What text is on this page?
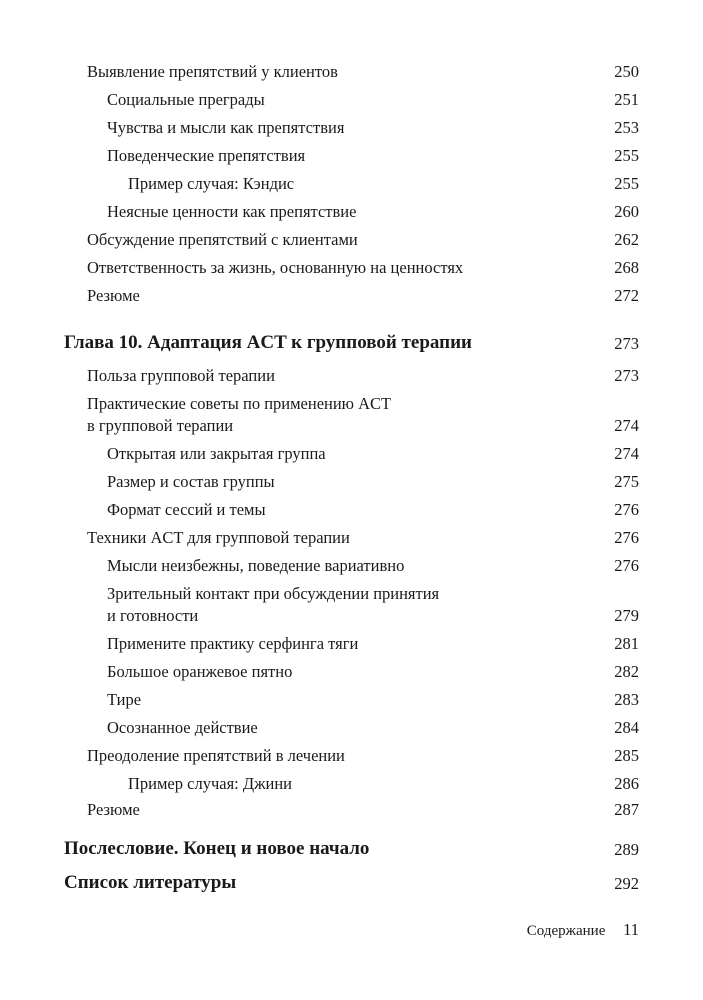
Выявление препятствий у клиентов	250
Социальные преграды	251
Чувства и мысли как препятствия	253
Поведенческие препятствия	255
Пример случая: Кэндис	255
Неясные ценности как препятствие	260
Обсуждение препятствий с клиентами	262
Ответственность за жизнь, основанную на ценностях	268
Резюме	272
Глава 10. Адаптация ACT к групповой терапии	273
Польза групповой терапии	273
Практические советы по применению ACT
в групповой терапии	274
Открытая или закрытая группа	274
Размер и состав группы	275
Формат сессий и темы	276
Техники ACT для групповой терапии	276
Мысли неизбежны, поведение вариативно	276
Зрительный контакт при обсуждении принятия
и готовности	279
Примените практику серфинга тяги	281
Большое оранжевое пятно	282
Тире	283
Осознанное действие	284
Преодоление препятствий в лечении	285
Пример случая: Джини	286
Резюме	287
Послесловие. Конец и новое начало	289
Список литературы	292
Содержание 11
